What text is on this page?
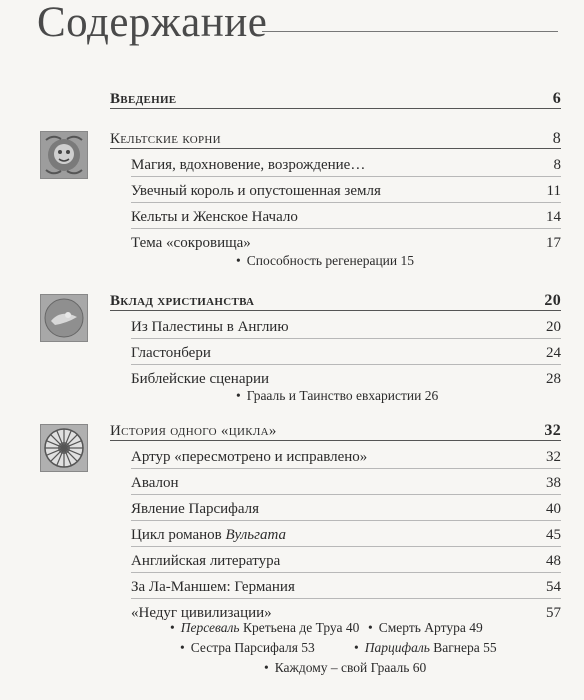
Содержание
Введение	6
Кельтские корни	8
Магия, вдохновение, возрождение…	8
Увечный король и опустошенная земля	11
Кельты и Женское Начало	14
Тема «сокровища»	17
• Способность регенерации 15
Вклад христианства	20
Из Палестины в Англию	20
Гластонбери	24
Библейские сценарии	28
• Грааль и Таинство евхаристии 26
История одного «цикла»	32
Артур «пересмотрено и исправлено»	32
Авалон	38
Явление Парсифаля	40
Цикл романов Вульгата	45
Английская литература	48
За Ла-Маншем: Германия	54
«Недуг цивилизации»	57
• Персеваль Кретьена де Труа 40 • Смерть Артура 49
• Сестра Парсифаля 53	• Парцифаль Вагнера 55
• Каждому – свой Грааль 60
